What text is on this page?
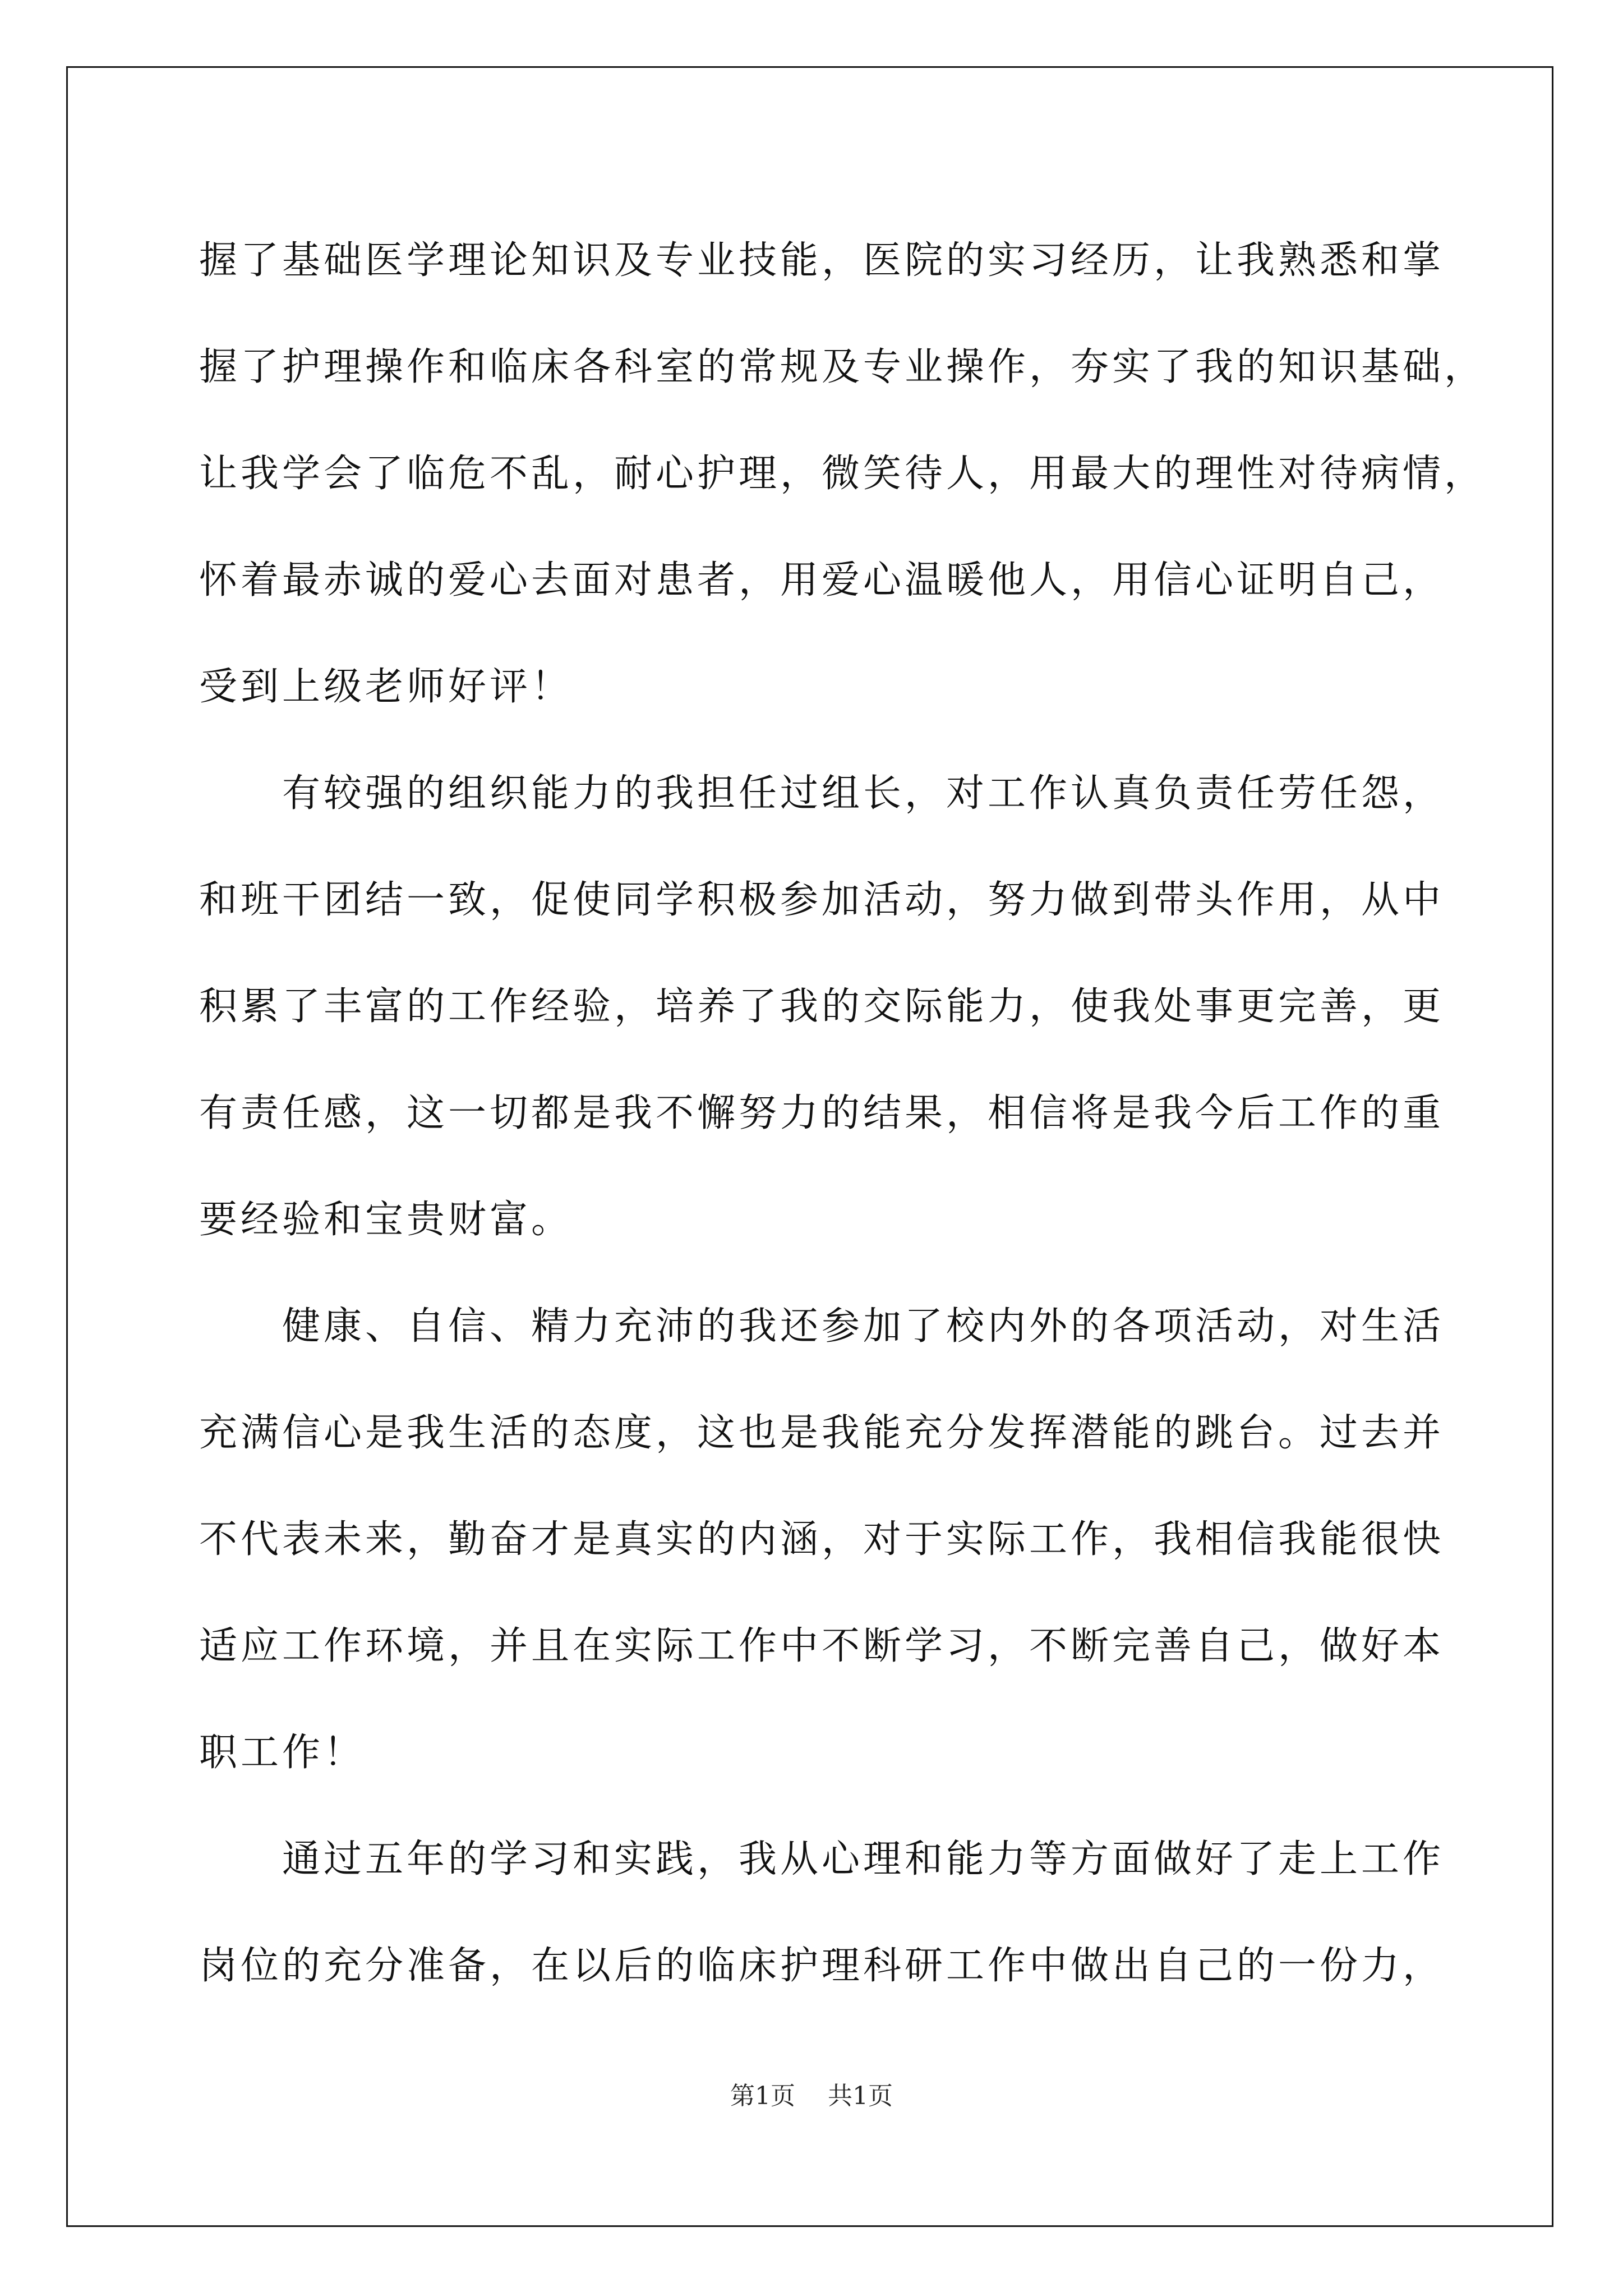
握了基础医学理论知识及专业技能，医院的实习经历，让我熟悉和掌
握了护理操作和临床各科室的常规及专业操作，夯实了我的知识基础，
让我学会了临危不乱，耐心护理，微笑待人，用最大的理性对待病情，
怀着最赤诚的爱心去面对患者，用爱心温暖他人，用信心证明自己，
受到上级老师好评！
　　有较强的组织能力的我担任过组长，对工作认真负责任劳任怨，
和班干团结一致，促使同学积极参加活动，努力做到带头作用，从中
积累了丰富的工作经验，培养了我的交际能力，使我处事更完善，更
有责任感，这一切都是我不懈努力的结果，相信将是我今后工作的重
要经验和宝贵财富。
　　健康、自信、精力充沛的我还参加了校内外的各项活动，对生活
充满信心是我生活的态度，这也是我能充分发挥潜能的跳台。过去并
不代表未来，勤奋才是真实的内涵，对于实际工作，我相信我能很快
适应工作环境，并且在实际工作中不断学习，不断完善自己，做好本
职工作！
　　通过五年的学习和实践，我从心理和能力等方面做好了走上工作
岗位的充分准备，在以后的临床护理科研工作中做出自己的一份力，
第1页 共1页
